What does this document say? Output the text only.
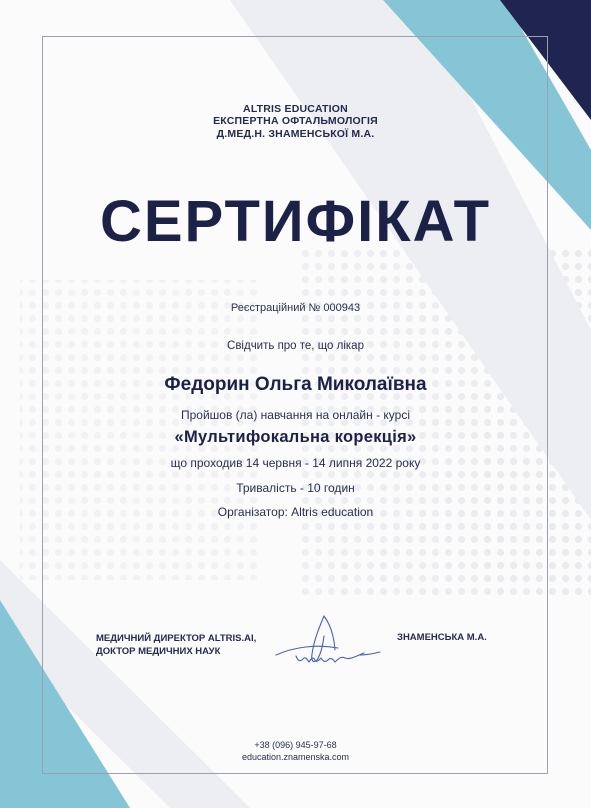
ALTRIS EDUCATION
ЕКСПЕРТНА ОФТАЛЬМОЛОГІЯ
Д.МЕД.Н. ЗНАМЕНСЬКОЇ М.А.
СЕРТИФІКАТ
Реєстраційний № 000943
Свідчить про те, що лікар
Федорин Ольга Миколаївна
Пройшов (ла) навчання на онлайн - курсі
«Мультифокальна корекція»
що проходив 14 червня - 14 липня 2022 року
Тривалість - 10 годин
Організатор: Altris education
МЕДИЧНИЙ ДИРЕКТОР ALTRIS.AI,
ДОКТОР МЕДИЧНИХ НАУК
ЗНАМЕНСЬКА М.А.
+38 (096) 945-97-68
education.znamenska.com
